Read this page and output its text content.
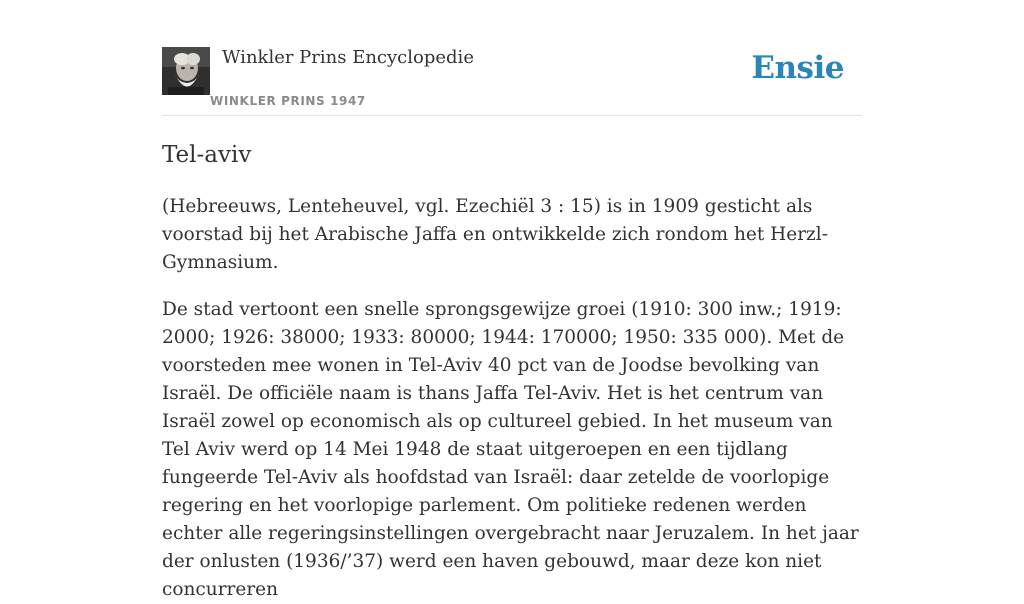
Winkler Prins Encyclopedie
WINKLER PRINS 1947
Ensie
Tel-aviv

(Hebreeuws, Lenteheuvel, vgl. Ezechiël 3 : 15) is in 1909 gesticht als voorstad bij het Arabische Jaffa en ontwikkelde zich rondom het Herzl-Gymnasium.

De stad vertoont een snelle sprongsgewijze groei (1910: 300 inw.; 1919: 2000; 1926: 38000; 1933: 80000; 1944: 170000; 1950: 335 000). Met de voorsteden mee wonen in Tel-Aviv 40 pct van de Joodse bevolking van Israël. De officiële naam is thans Jaffa Tel-Aviv. Het is het centrum van Israël zowel op economisch als op cultureel gebied. In het museum van Tel Aviv werd op 14 Mei 1948 de staat uitgeroepen en een tijdlang fungeerde Tel-Aviv als hoofdstad van Israël: daar zetelde de voorlopige regering en het voorlopige parlement. Om politieke redenen werden echter alle regeringsinstellingen overgebracht naar Jeruzalem. In het jaar der onlusten (1936/’37) werd een haven gebouwd, maar deze kon niet concurreren
